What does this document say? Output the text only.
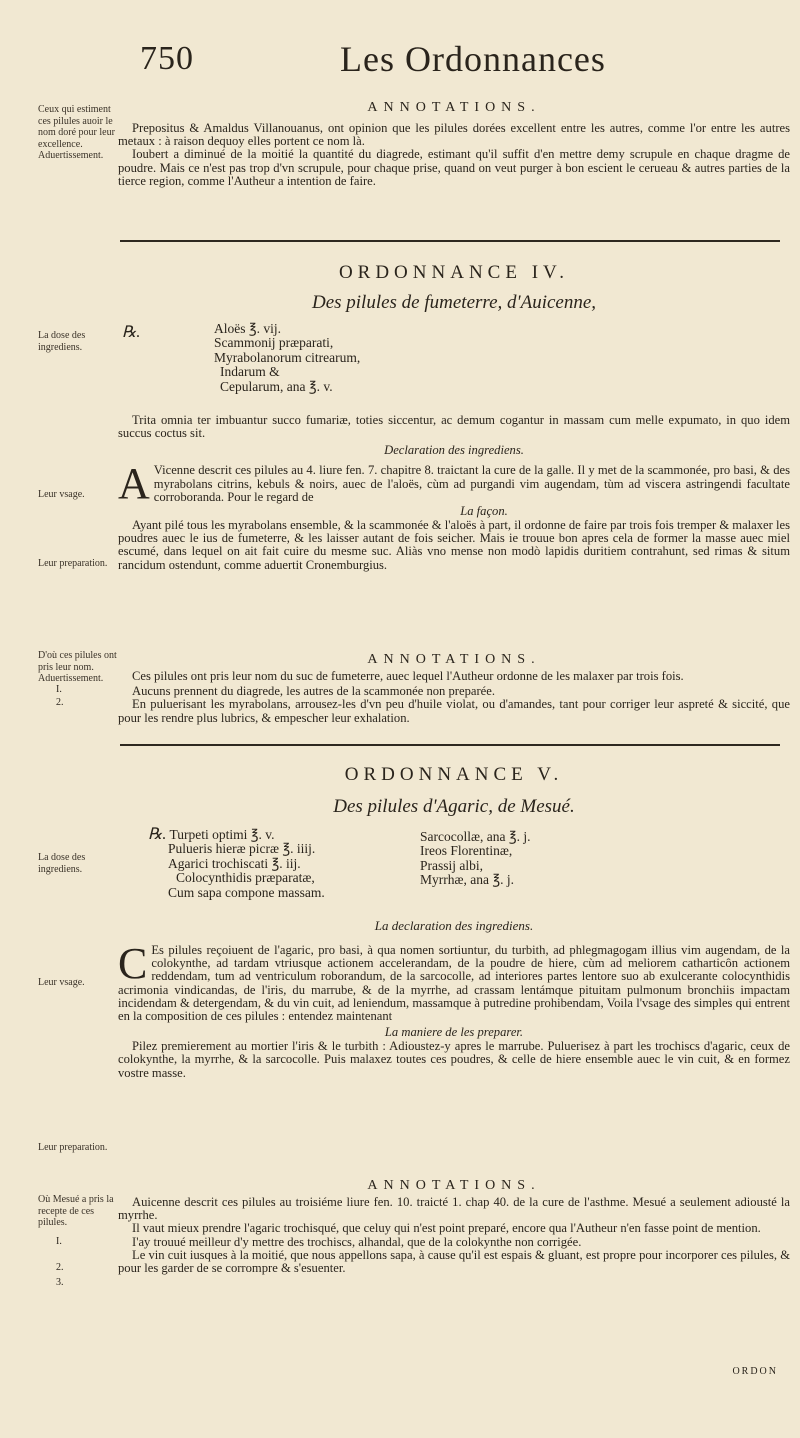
750	Les Ordonnances
Ceux qui estiment ces pilules auoir le nom doré pour leur excellence.
Aduertissement.
La dose des ingrediens.
Leur vsage.
Leur preparation.
D'où ces pilules ont pris leur nom.
Aduertissement.
I.
2.
La dose des ingrediens.
Leur vsage.
Leur preparation.
Où Mesué a pris la recepte de ces pilules.
I.
2.
3.
ANNOTATIONS.

Prepositus & Amaldus Villanouanus, ont opinion que les pilules dorées excellent entre les autres, comme l'or entre les autres metaux : à raison dequoy elles portent ce nom là.

Ioubert a diminué de la moitié la quantité du diagrede, estimant qu'il suffit d'en mettre demy scrupule en chaque dragme de poudre. Mais ce n'est pas trop d'vn scrupule, pour chaque prise, quand on veut purger à bon escient le cerueau & autres parties de la tierce region, comme l'Autheur a intention de faire.

ORDONNANCE IV.
Des pilules de fumeterre, d'Auicenne,
℞.	Aloës ℥. vij.
Scammonij præparati,
Myrabolanorum citrearum,
Indarum &
Cepularum, ana ℥. v.

Trita omnia ter imbuantur succo fumariæ, toties siccentur, ac demum cogantur in massam cum melle expumato, in quo idem succus coctus sit.

Declaration des ingrediens.

A Vicenne descrit ces pilules au 4. liure fen. 7. chapitre 8. traictant la cure de la galle. Il y met de la scammonée, pro basi, & des myrabolans citrins, kebuls & noirs, auec de l'aloës, cùm ad purgandi vim augendam, tùm ad viscera astringendi facultate corroboranda. Pour le regard de

La façon.

Ayant pilé tous les myrabolans ensemble, & la scammonée & l'aloës à part, il ordonne de faire par trois fois tremper & malaxer les poudres auec le ius de fumeterre, & les laisser autant de fois seicher. Mais ie trouue bon apres cela de former la masse auec miel escumé, dans lequel on ait fait cuire du mesme suc. Aliàs vno mense non modò lapidis duritiem contrahunt, sed rimas & situm rancidum ostendunt, comme aduertit Cronemburgius.

ANNOTATIONS.

Ces pilules ont pris leur nom du suc de fumeterre, auec lequel l'Autheur ordonne de les malaxer par trois fois.

Aucuns prennent du diagrede, les autres de la scammonée non preparée.

En puluerisant les myrabolans, arrousez-les d'vn peu d'huile violat, ou d'amandes, tant pour corriger leur aspreté & siccité, que pour les rendre plus lubrics, & empescher leur exhalation.

ORDONNANCE V.
Des pilules d'Agaric, de Mesué.
℞. Turpeti optimi ℥. v.
Pulueris hieræ picræ ℥. iiij.
Agarici trochiscati ℥. iij.
Colocynthidis præparatæ,
Cum sapa compone massam.
Sarcocollæ, ana ℥. j.
Ireos Florentinæ,
Prassij albi,
Myrrhæ, ana ℥. j.
La declaration des ingrediens.

C Es pilules reçoiuent de l'agaric, pro basi, à qua nomen sortiuntur, du turbith, ad phlegmagogam illius vim augendam, de la colokynthe, ad tardam vtriusque actionem accelerandam, de la poudre de hiere, cùm ad meliorem catharticôn actionem reddendam, tum ad ventriculum roborandum, de la sarcocolle, ad interiores partes lentore suo ab exulcerante colocynthidis acrimonia vindicandas, de l'iris, du marrube, & de la myrrhe, ad crassam lentámque pituitam pulmonum bronchiis impactam incidendam & detergendam, & du vin cuit, ad leniendum, massamque à putredine prohibendam, Voila l'vsage des simples qui entrent en la composition de ces pilules : entendez maintenant

La maniere de les preparer.

Pilez premierement au mortier l'iris & le turbith : Adioustez-y apres le marrube. Puluerisez à part les trochiscs d'agaric, ceux de colokynthe, la myrrhe, & la sarcocolle. Puis malaxez toutes ces poudres, & celle de hiere ensemble auec le vin cuit, & en formez vostre masse.

ANNOTATIONS.

Auicenne descrit ces pilules au troisiéme liure fen. 10. traicté 1. chap 40. de la cure de l'asthme. Mesué a seulement adiousté la myrrhe.

Il vaut mieux prendre l'agaric trochisqué, que celuy qui n'est point preparé, encore qua l'Autheur n'en fasse point de mention.

I'ay trouué meilleur d'y mettre des trochiscs, alhandal, que de la colokynthe non corrigée.

Le vin cuit iusques à la moitié, que nous appellons sapa, à cause qu'il est espais & gluant, est propre pour incorporer ces pilules, & pour les garder de se corrompre & s'esuenter.

ORDON
